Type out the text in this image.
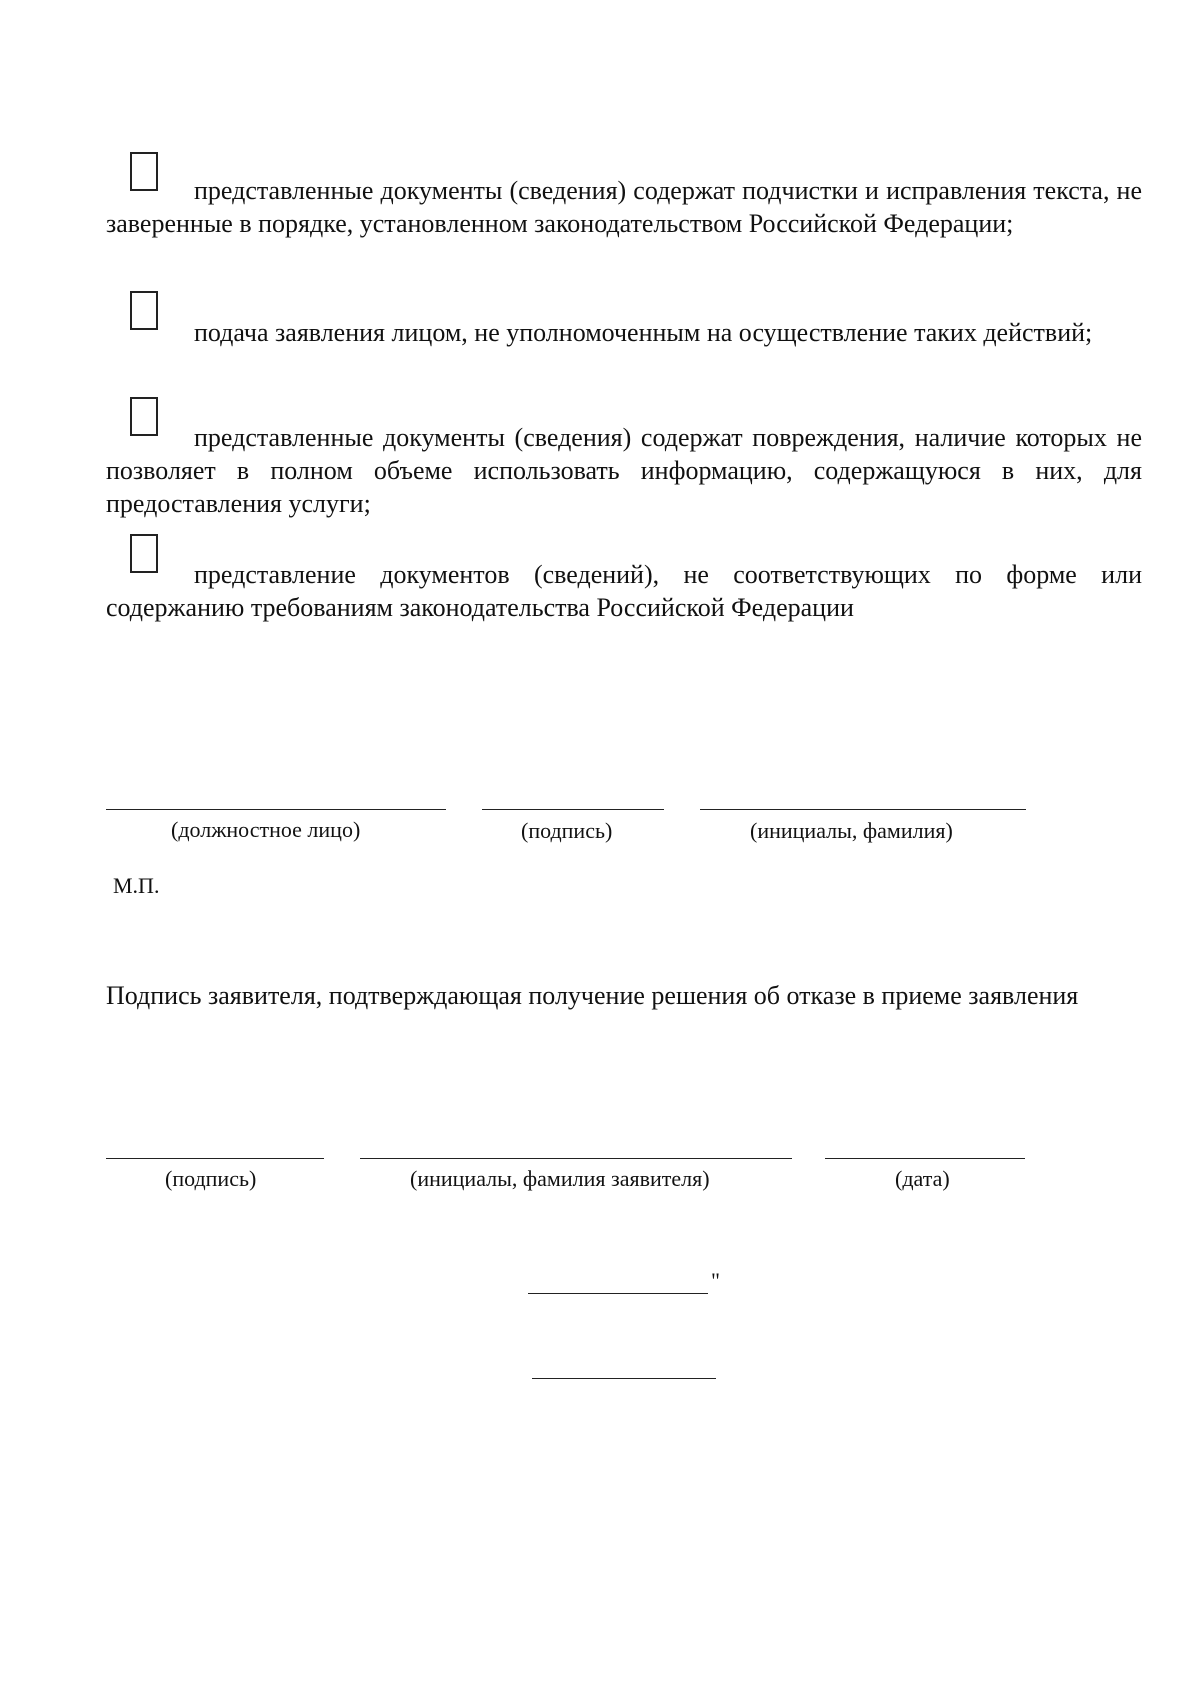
представленные документы (сведения) содержат подчистки и исправления текста, не заверенные в порядке, установленном законодательством Российской Федерации;

подача заявления лицом, не уполномоченным на осуществление таких действий;

представленные документы (сведения) содержат повреждения, наличие которых не позволяет в полном объеме использовать информацию, содержащуюся в них, для предоставления услуги;

представление документов (сведений), не соответствующих по форме или содержанию требованиям законодательства Российской Федерации

(должностное лицо)	(подпись)	(инициалы, фамилия)
М.П.

Подпись заявителя, подтверждающая получение решения об отказе в приеме заявления

(подпись)	(инициалы, фамилия заявителя)	(дата)
"
